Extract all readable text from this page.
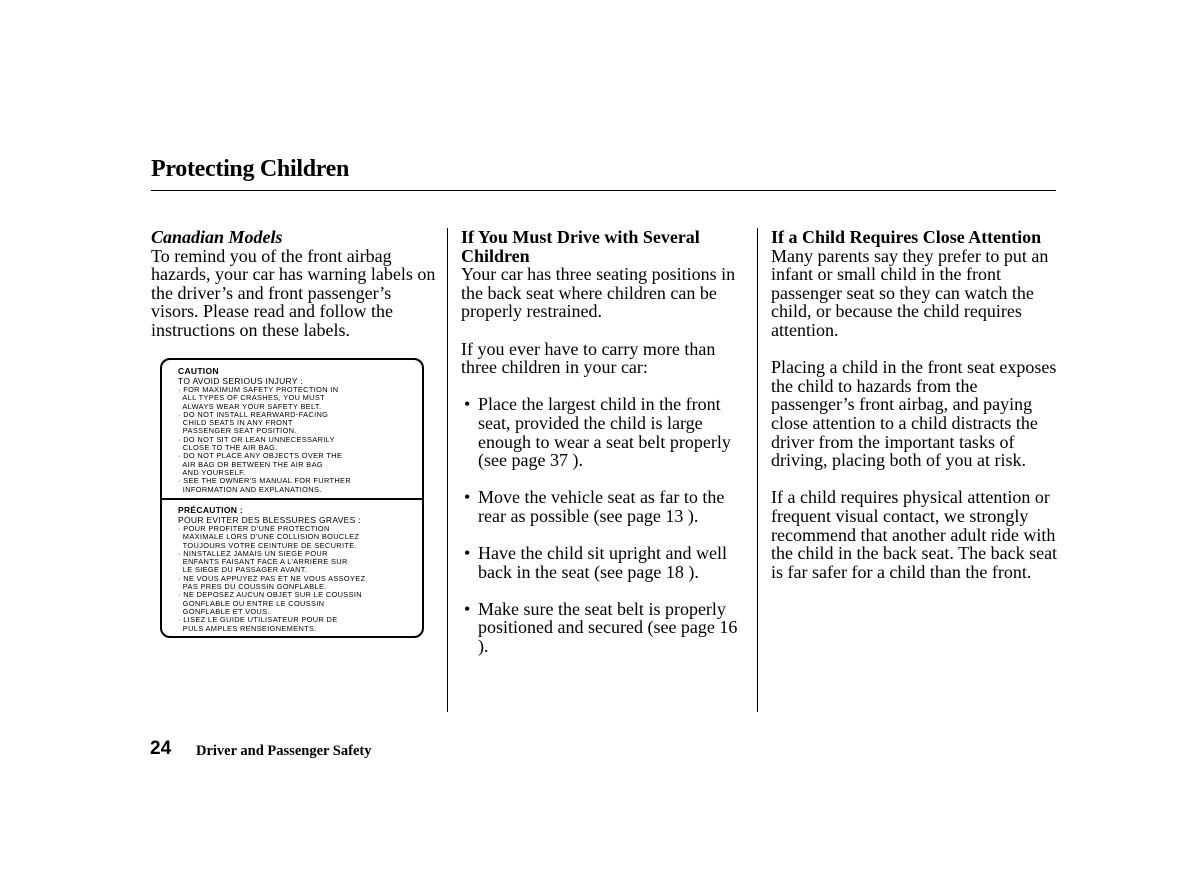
Protecting Children
Canadian Models

To remind you of the front airbag hazards, your car has warning labels on the driver’s and front passenger’s visors. Please read and follow the instructions on these labels.

CAUTION
TO AVOID SERIOUS INJURY :
· FOR MAXIMUM SAFETY PROTECTION IN
ALL TYPES OF CRASHES, YOU MUST
ALWAYS WEAR YOUR SAFETY BELT.
· DO NOT INSTALL REARWARD-FACING
CHILD SEATS IN ANY FRONT
PASSENGER SEAT POSITION.
· DO NOT SIT OR LEAN UNNECESSARILY
CLOSE TO THE AIR BAG.
· DO NOT PLACE ANY OBJECTS OVER THE
AIR BAG OR BETWEEN THE AIR BAG
AND YOURSELF.
· SEE THE OWNER’S MANUAL FOR FURTHER
INFORMATION AND EXPLANATIONS.
PRÉCAUTION :
POUR EVITER DES BLESSURES GRAVES :
· POUR PROFITER D’UNE PROTECTION
MAXIMALE LORS D’UNE COLLISION BOUCLEZ
TOUJOURS VOTRE CEINTURE DE SECURITE.
· NINSTALLEZ JAMAIS UN SIEGE POUR
ENFANTS FAISANT FACE A L’ARRIERE SUR
LE SIEGE DU PASSAGER AVANT.
· NE VOUS APPUYEZ PAS ET NE VOUS ASSOYEZ
PAS PRES DU COUSSIN GONFLABLE.
· NE DEPOSEZ AUCUN OBJET SUR LE COUSSIN
GONFLABLE OU ENTRE LE COUSSIN
GONFLABLE ET VOUS.
· LISEZ LE GUIDE UTILISATEUR POUR DE
PULS AMPLES RENSEIGNEMENTS.
If You Must Drive with Several Children

Your car has three seating positions in the back seat where children can be properly restrained.

If you ever have to carry more than three children in your car:

• Place the largest child in the front seat, provided the child is large enough to wear a seat belt properly (see page 37 ).
• Move the vehicle seat as far to the rear as possible (see page 13 ).
• Have the child sit upright and well back in the seat (see page 18 ).
• Make sure the seat belt is properly positioned and secured (see page 16 ).
If a Child Requires Close Attention

Many parents say they prefer to put an infant or small child in the front passenger seat so they can watch the child, or because the child requires attention.

Placing a child in the front seat exposes the child to hazards from the passenger’s front airbag, and paying close attention to a child distracts the driver from the important tasks of driving, placing both of you at risk.

If a child requires physical attention or frequent visual contact, we strongly recommend that another adult ride with the child in the back seat. The back seat is far safer for a child than the front.

24 Driver and Passenger Safety
